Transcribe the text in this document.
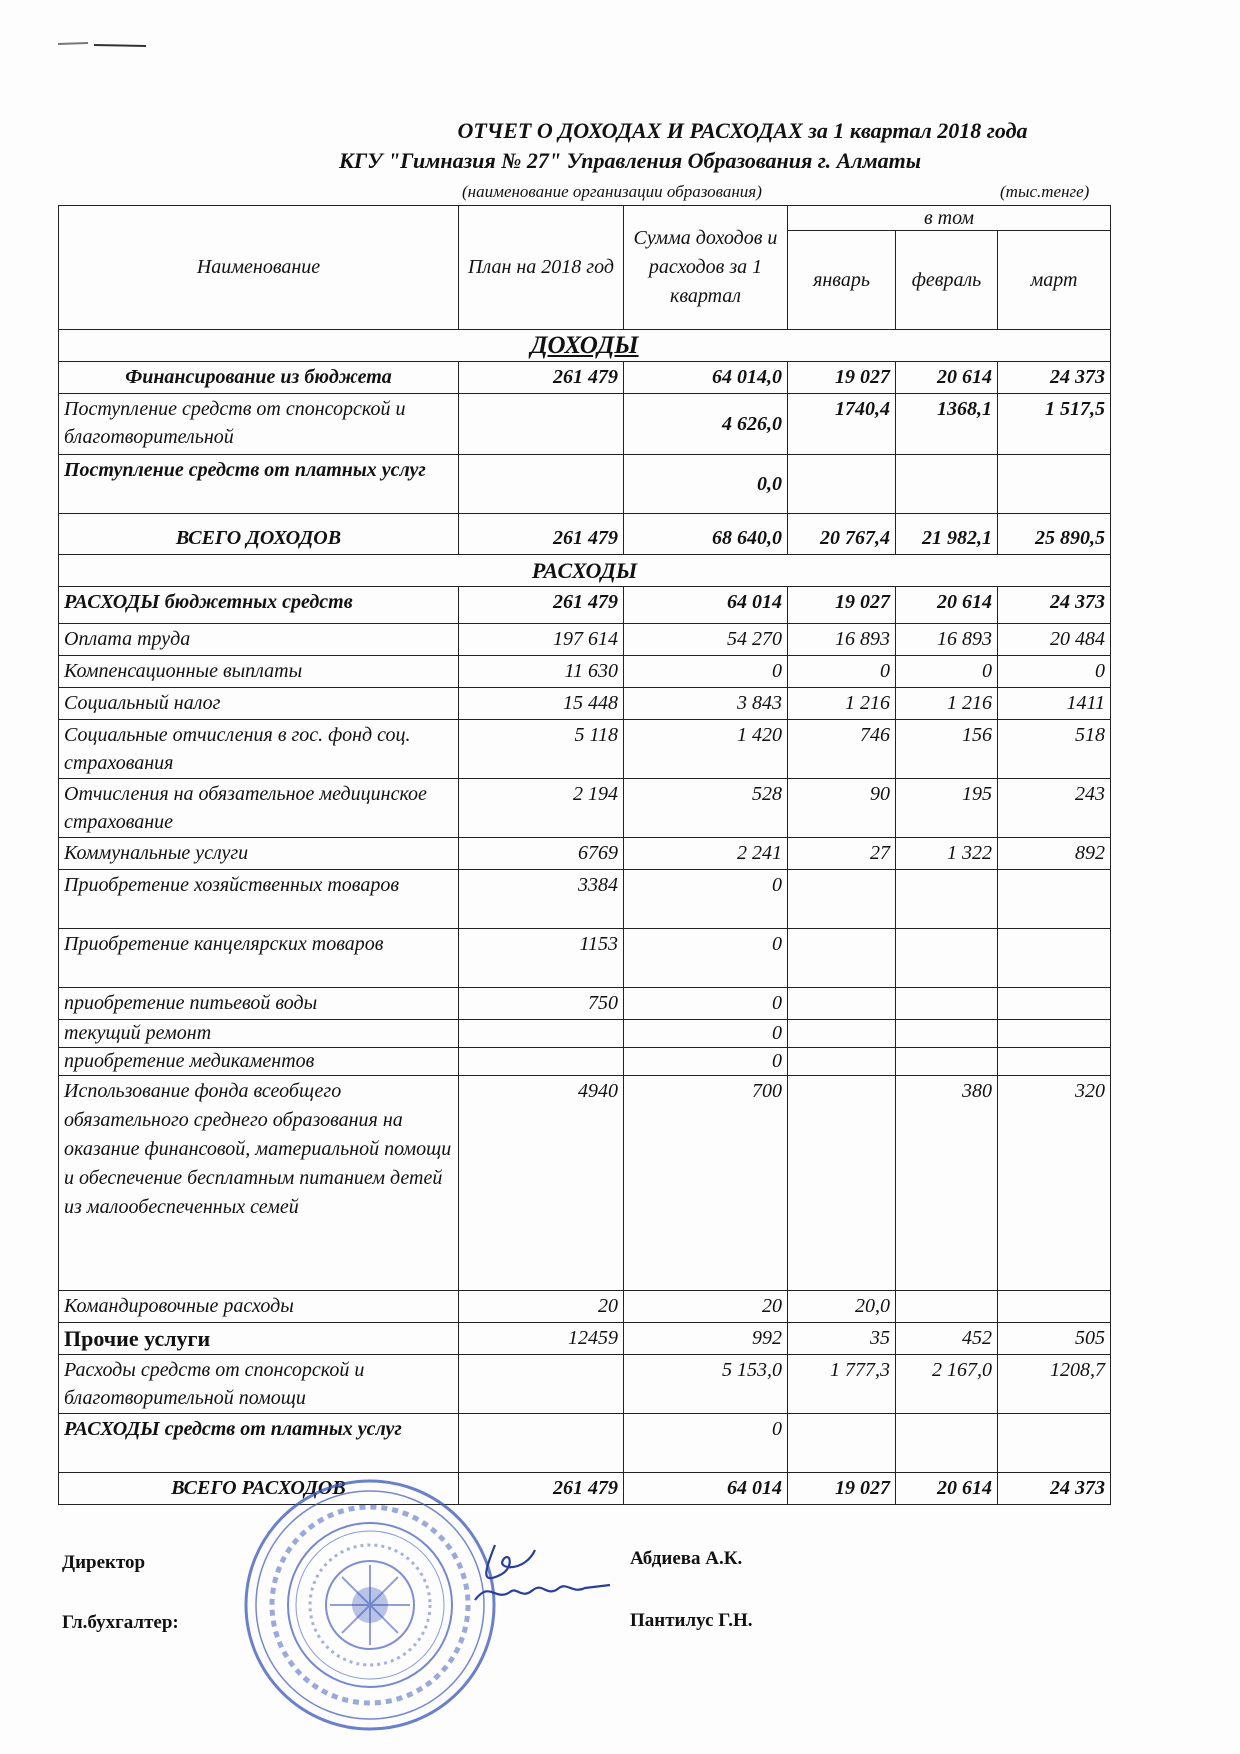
ОТЧЕТ О ДОХОДАХ И РАСХОДАХ за 1 квартал 2018 года
КГУ "Гимназия № 27" Управления Образования г. Алматы
(наименование организации образования)	(тыс.тенге)
Наименование	План на 2018 год	Сумма доходов и расходов за 1 квартал	в том		
			январь	февраль	март
ДОХОДЫ					
Финансирование из бюджета	261 479	64 014,0	19 027	20 614	24 373
Поступление средств от спонсорской и благотворительной		4 626,0	1740,4	1368,1	1 517,5
Поступление средств от платных услуг		0,0			
ВСЕГО ДОХОДОВ	261 479	68 640,0	20 767,4	21 982,1	25 890,5
РАСХОДЫ					
РАСХОДЫ бюджетных средств	261 479	64 014	19 027	20 614	24 373
Оплата труда	197 614	54 270	16 893	16 893	20 484
Компенсационные выплаты	11 630	0	0	0	0
Социальный налог	15 448	3 843	1 216	1 216	1411
Социальные отчисления в гос. фонд соц. страхования	5 118	1 420	746	156	518
Отчисления на обязательное медицинское страхование	2 194	528	90	195	243
Коммунальные услуги	6769	2 241	27	1 322	892
Приобретение хозяйственных товаров	3384	0			
Приобретение канцелярских товаров	1153	0			
приобретение питьевой воды	750	0			
текущий ремонт		0			
приобретение медикаментов		0			
Использование фонда всеобщего обязательного среднего образования на оказание финансовой, материальной помощи и обеспечение бесплатным питанием детей из малообеспеченных семей	4940	700		380	320
Командировочные расходы	20	20	20,0		
Прочие услуги	12459	992	35	452	505
Расходы средств от спонсорской и благотворительной помощи		5 153,0	1 777,3	2 167,0	1208,7
РАСХОДЫ средств от платных услуг		0			
ВСЕГО РАСХОДОВ	261 479	64 014	19 027	20 614	24 373
Директор	Абдиева А.К.
Гл.бухгалтер:	Пантилус Г.Н.
